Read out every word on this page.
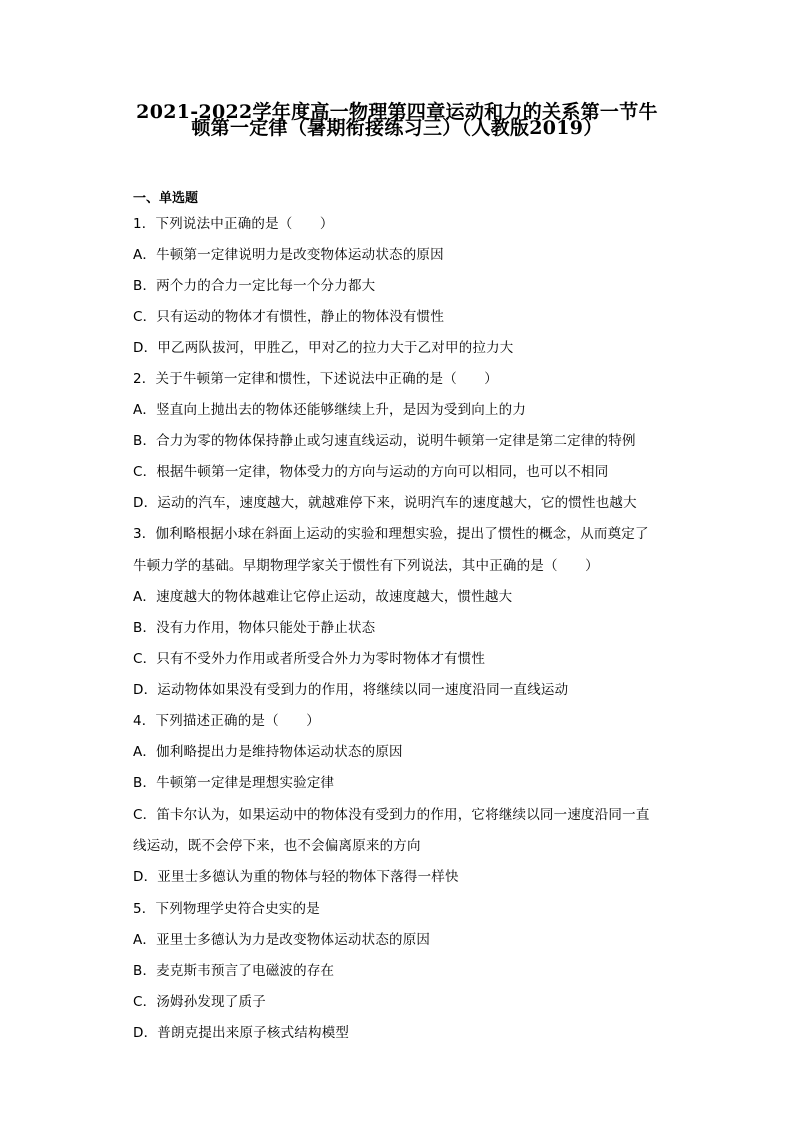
2021-2022学年度高一物理第四章运动和力的关系第一节牛
顿第一定律（暑期衔接练习三）（人教版2019）
一、单选题
1．下列说法中正确的是（　　）
A．牛顿第一定律说明力是改变物体运动状态的原因
B．两个力的合力一定比每一个分力都大
C．只有运动的物体才有惯性，静止的物体没有惯性
D．甲乙两队拔河，甲胜乙，甲对乙的拉力大于乙对甲的拉力大
2．关于牛顿第一定律和惯性，下述说法中正确的是（　　）
A．竖直向上抛出去的物体还能够继续上升，是因为受到向上的力
B．合力为零的物体保持静止或匀速直线运动，说明牛顿第一定律是第二定律的特例
C．根据牛顿第一定律，物体受力的方向与运动的方向可以相同，也可以不相同
D．运动的汽车，速度越大，就越难停下来，说明汽车的速度越大，它的惯性也越大
3．伽利略根据小球在斜面上运动的实验和理想实验，提出了惯性的概念，从而奠定了
牛顿力学的基础。早期物理学家关于惯性有下列说法，其中正确的是（　　）
A．速度越大的物体越难让它停止运动，故速度越大，惯性越大
B．没有力作用，物体只能处于静止状态
C．只有不受外力作用或者所受合外力为零时物体才有惯性
D．运动物体如果没有受到力的作用，将继续以同一速度沿同一直线运动
4．下列描述正确的是（　　）
A．伽利略提出力是维持物体运动状态的原因
B．牛顿第一定律是理想实验定律
C．笛卡尔认为，如果运动中的物体没有受到力的作用，它将继续以同一速度沿同一直
线运动，既不会停下来，也不会偏离原来的方向
D．亚里士多德认为重的物体与轻的物体下落得一样快
5．下列物理学史符合史实的是
A．亚里士多德认为力是改变物体运动状态的原因
B．麦克斯韦预言了电磁波的存在
C．汤姆孙发现了质子
D．普朗克提出来原子核式结构模型
